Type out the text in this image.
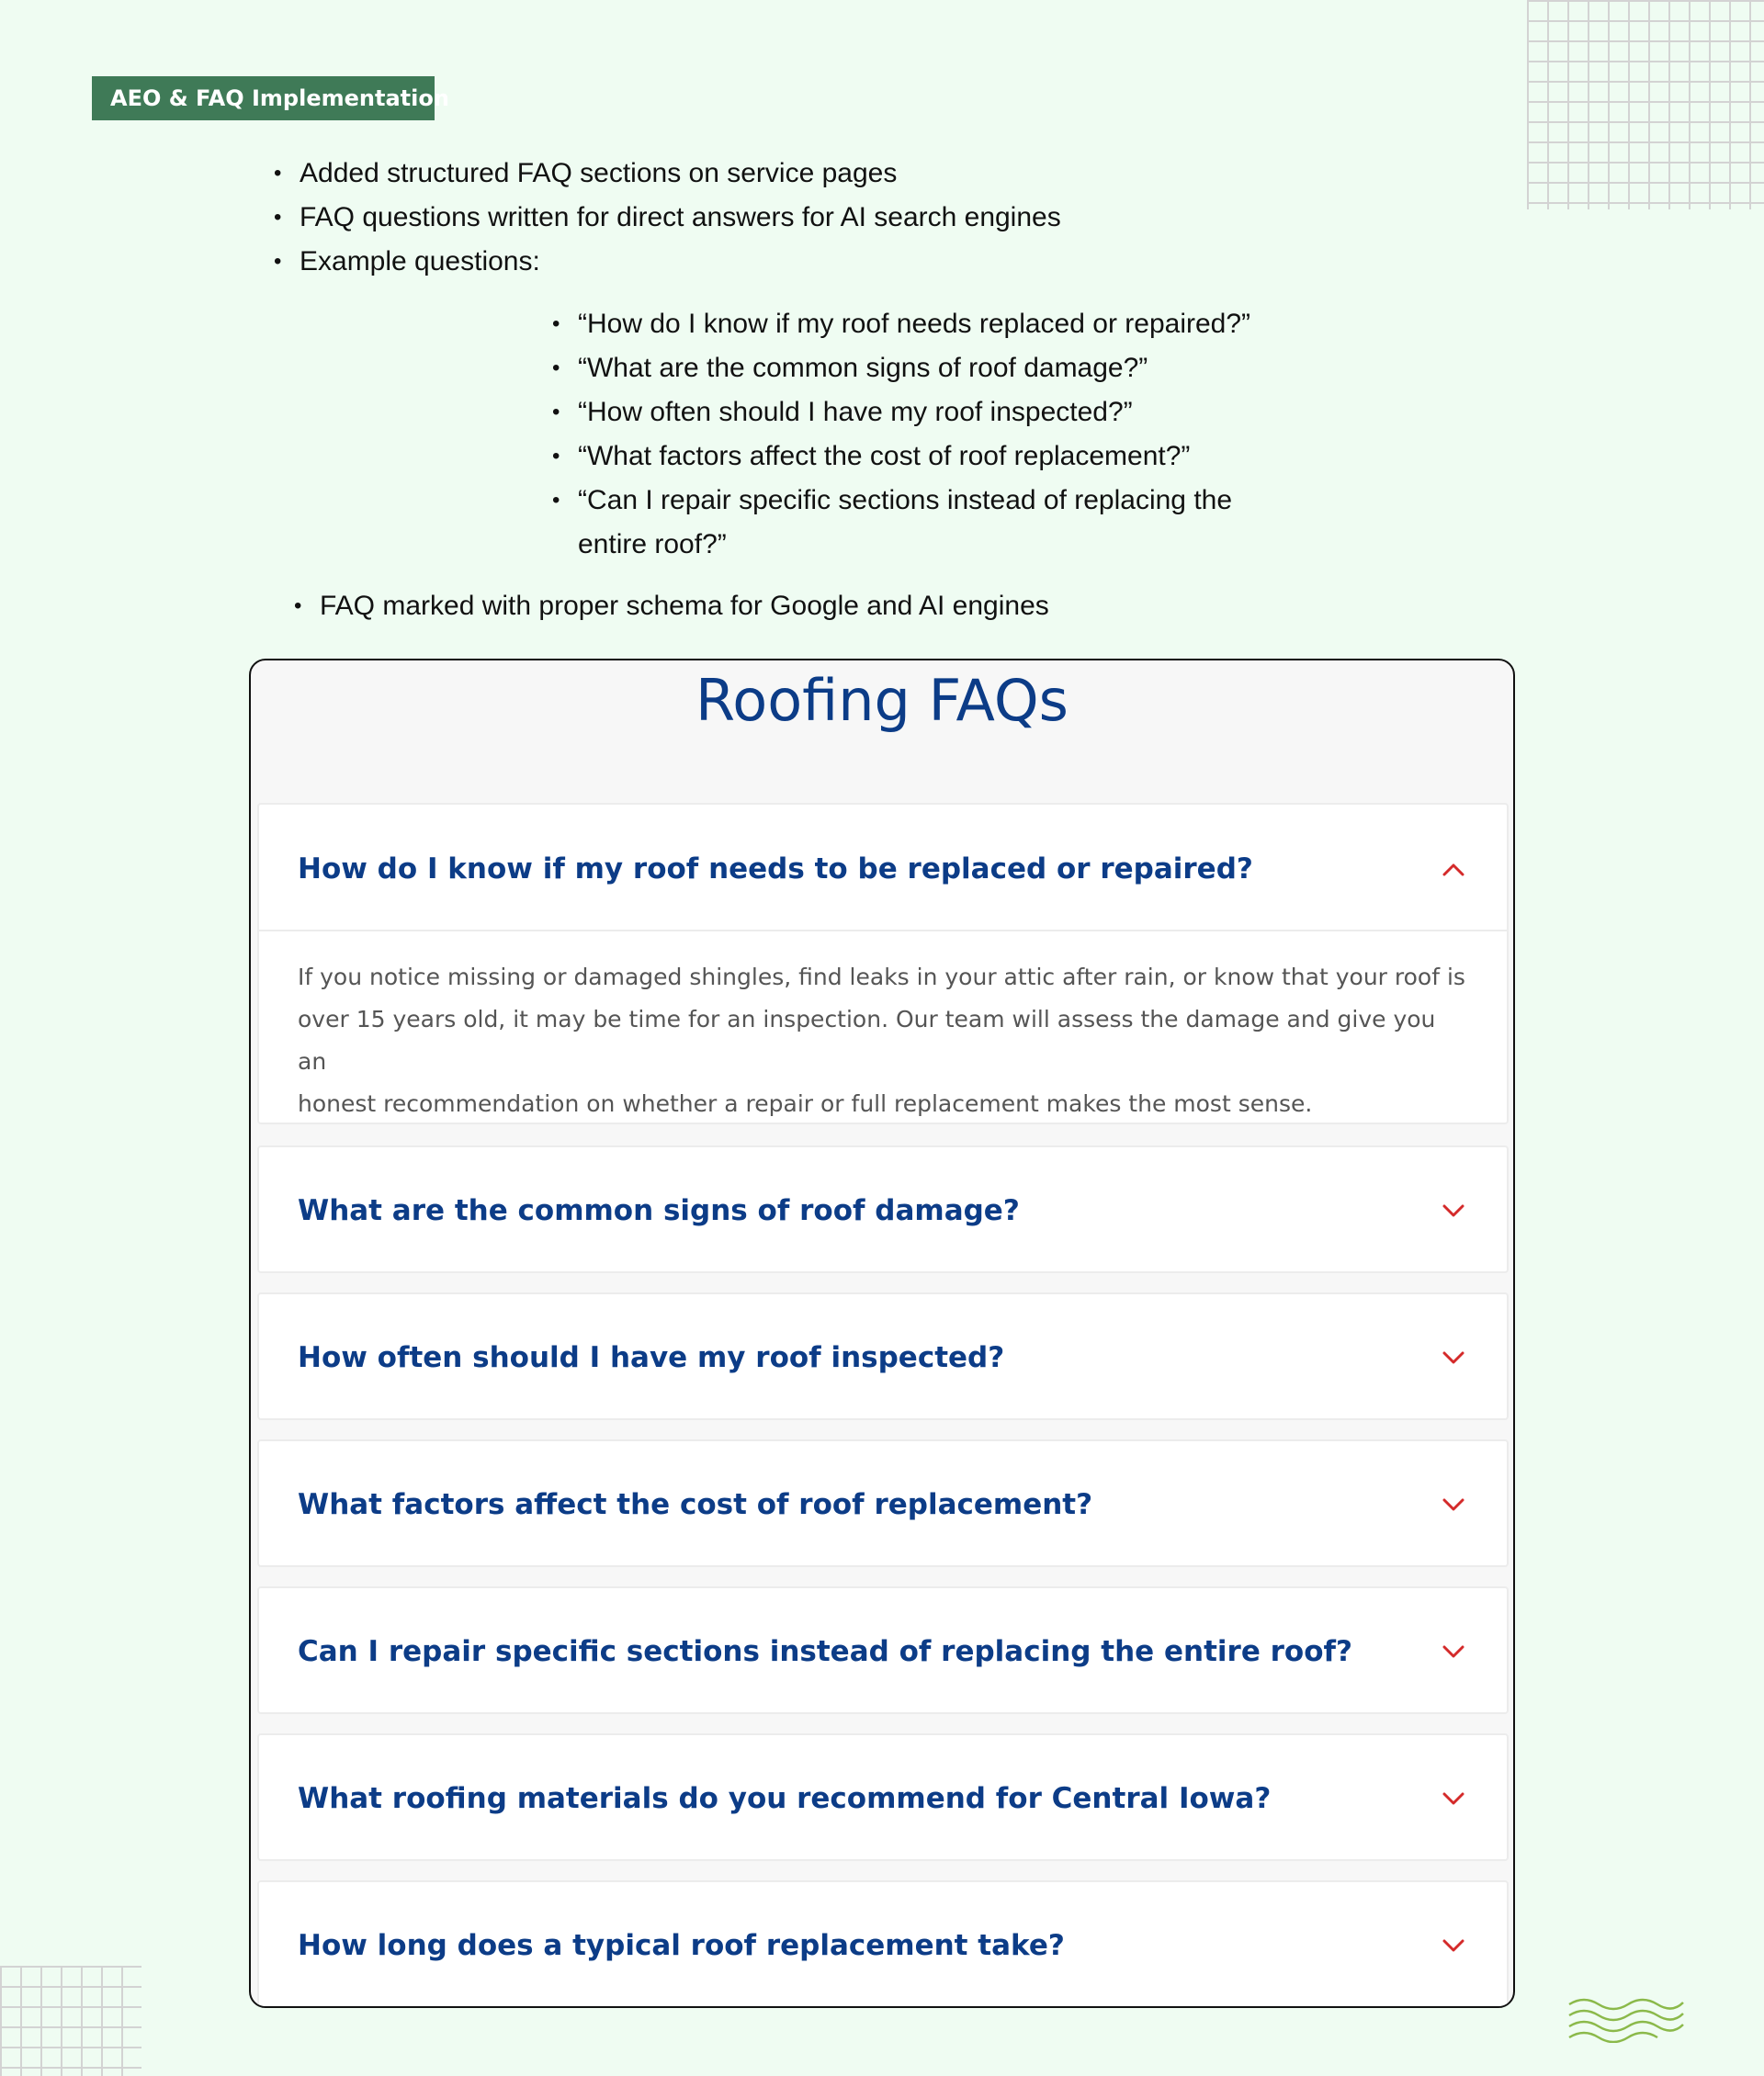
AEO & FAQ Implementation
• Added structured FAQ sections on service pages
• FAQ questions written for direct answers for AI search engines
• Example questions:
• “How do I know if my roof needs replaced or repaired?”
• “What are the common signs of roof damage?”
• “How often should I have my roof inspected?”
• “What factors affect the cost of roof replacement?”
• “Can I repair specific sections instead of replacing the
entire roof?”
• FAQ marked with proper schema for Google and AI engines
Roofing FAQs
How do I know if my roof needs to be replaced or repaired?
If you notice missing or damaged shingles, find leaks in your attic after rain, or know that your roof is
over 15 years old, it may be time for an inspection. Our team will assess the damage and give you an
honest recommendation on whether a repair or full replacement makes the most sense.
What are the common signs of roof damage?
How often should I have my roof inspected?
What factors affect the cost of roof replacement?
Can I repair specific sections instead of replacing the entire roof?
What roofing materials do you recommend for Central Iowa?
How long does a typical roof replacement take?
